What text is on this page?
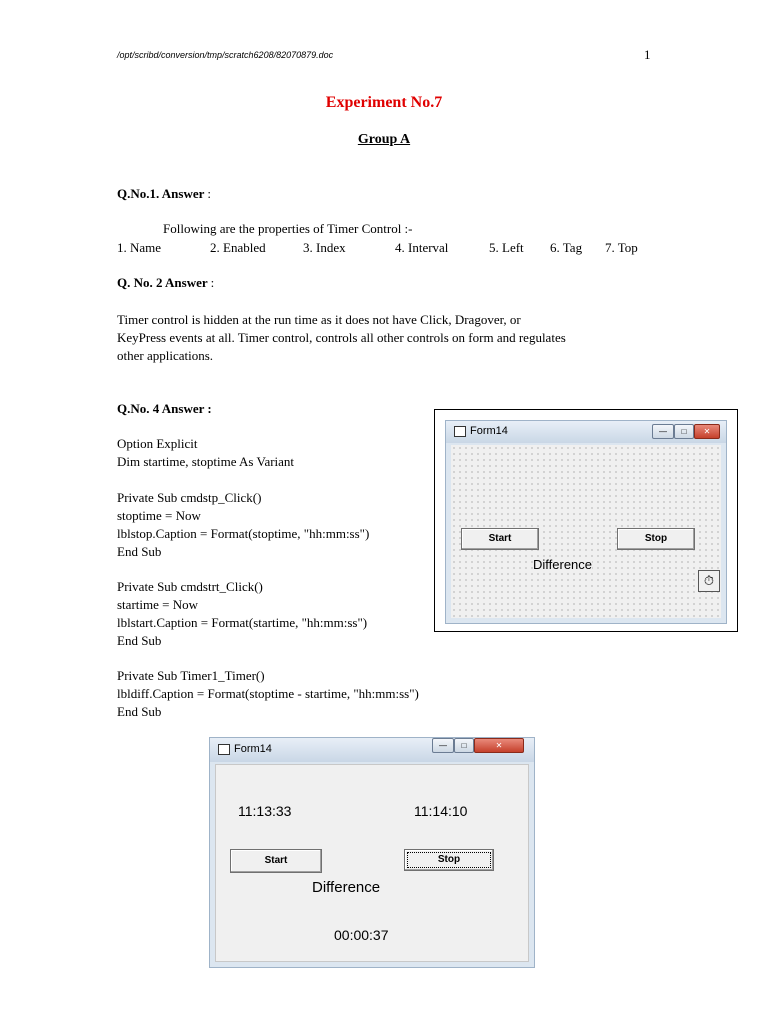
/opt/scribd/conversion/tmp/scratch6208/82070879.doc	1
Experiment No.7
Group A
Q.No.1. Answer :
Following are the properties of Timer Control :-
1. Name	2. Enabled	3. Index	4. Interval	5. Left 6. Tag 7. Top
Q. No. 2 Answer :
Timer control is hidden at the run time as it does not have Click, Dragover, or
KeyPress events at all. Timer control, controls all other controls on form and regulates
other applications.
Q.No. 4 Answer :
Option Explicit
Dim startime, stoptime As Variant
Private Sub cmdstp_Click()
stoptime = Now
lblstop.Caption = Format(stoptime, "hh:mm:ss")
End Sub
Private Sub cmdstrt_Click()
startime = Now
lblstart.Caption = Format(startime, "hh:mm:ss")
End Sub
Private Sub Timer1_Timer()
lbldiff.Caption = Format(stoptime - startime, "hh:mm:ss")
End Sub
Form14	—	□	✕
Start	Stop
Difference
⏱
Form14	—	□	✕
11:13:33	11:14:10
Start	Stop
Difference
00:00:37
